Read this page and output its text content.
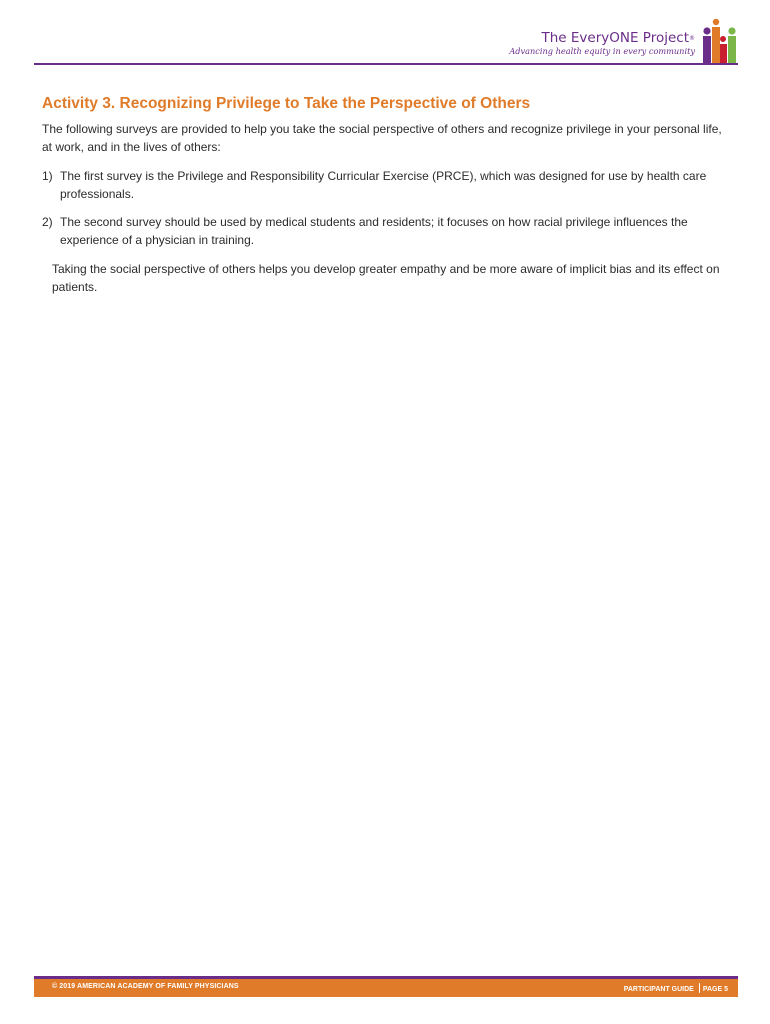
The EveryONE Project®
Advancing health equity in every community
Activity 3. Recognizing Privilege to Take the Perspective of Others

The following surveys are provided to help you take the social perspective of others and recognize privilege in your personal life, at work, and in the lives of others:

1) The first survey is the Privilege and Responsibility Curricular Exercise (PRCE), which was designed for use by health care professionals.
2) The second survey should be used by medical students and residents; it focuses on how racial privilege influences the experience of a physician in training.

Taking the social perspective of others helps you develop greater empathy and be more aware of implicit bias and its effect on patients.

© 2019 AMERICAN ACADEMY OF FAMILY PHYSICIANS	PARTICIPANT GUIDE PAGE 5
